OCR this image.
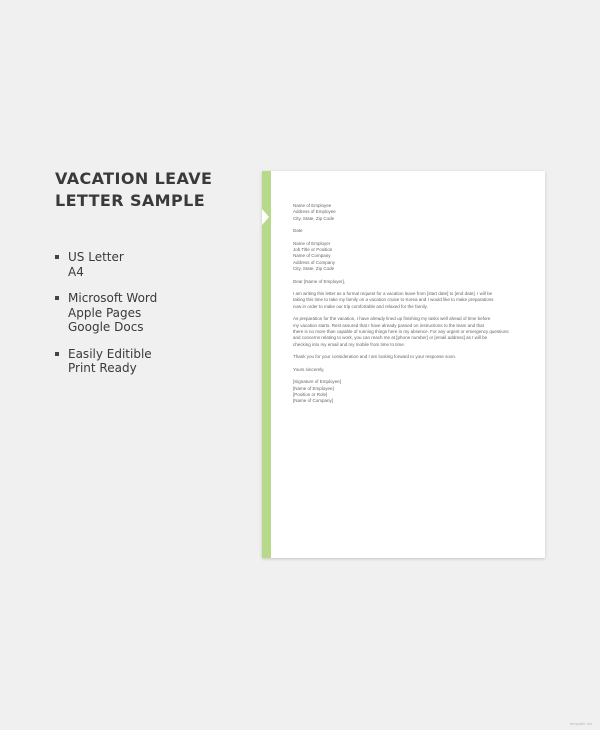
VACATION LEAVE LETTER SAMPLE
US Letter
A4
Microsoft Word
Apple Pages
Google Docs
Easily Editible
Print Ready
Name of Employee
Address of Employee
City, State, Zip Code
Date
Name of Employer
Job Title or Position
Name of Company
Address of Company
City, State, Zip Code
Dear [Name of Employer],
I am writing this letter as a formal request for a vacation leave from [start date] to [end date]. I will be
taking this time to take my family on a vacation cruise to Korea and I would like to make preparations
now in order to make our trip comfortable and relaxed for the family.
As preparation for the vacation, I have already lined up finishing my tasks well ahead of time before
my vacation starts. Rest assured that I have already passed on instructions to the team and that
there is no more than capable of running things here in my absence. For any urgent or emergency questions
and concerns relating to work, you can reach me at [phone number] or [email address] as I will be
checking into my email and my mobile from time to time.
Thank you for your consideration and I am looking forward to your response soon.
Yours sincerely,
[Signature of Employee]
[Name of Employee]
[Position or Role]
[Name of Company]
template.net
